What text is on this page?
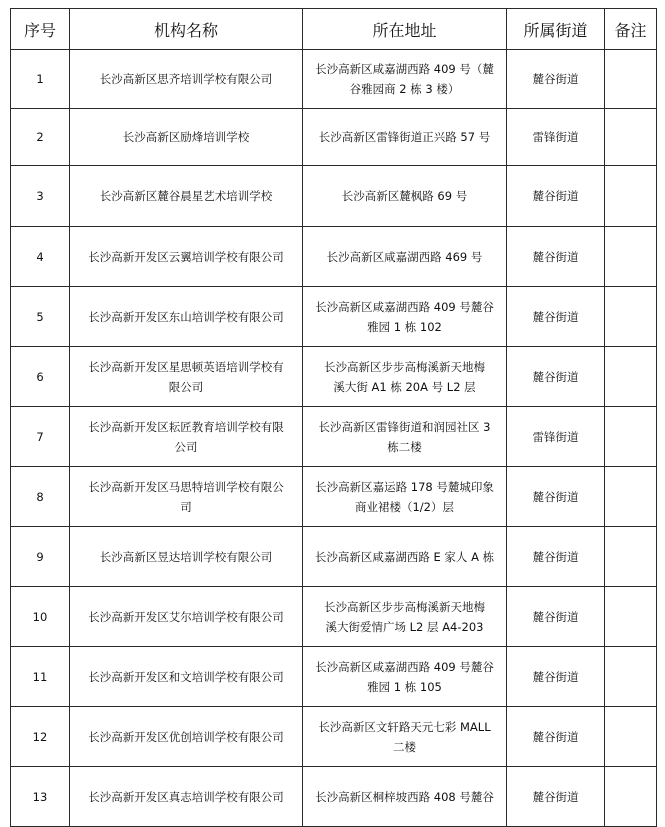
序号	机构名称	所在地址	所属街道	备注
1	长沙高新区思齐培训学校有限公司	长沙高新区咸嘉湖西路 409 号（麓
谷雅园商 2 栋 3 楼）	麓谷街道	
2	长沙高新区励烽培训学校	长沙高新区雷锋街道正兴路 57 号	雷锋街道	
3	长沙高新区麓谷晨星艺术培训学校	长沙高新区麓枫路 69 号	麓谷街道	
4	长沙高新开发区云翼培训学校有限公司	长沙高新区咸嘉湖西路 469 号	麓谷街道	
5	长沙高新开发区东山培训学校有限公司	长沙高新区咸嘉湖西路 409 号麓谷
雅园 1 栋 102	麓谷街道	
6	长沙高新开发区星思顿英语培训学校有
限公司	长沙高新区步步高梅溪新天地梅
溪大街 A1 栋 20A 号 L2 层	麓谷街道	
7	长沙高新开发区耘匠教育培训学校有限
公司	长沙高新区雷锋街道和润园社区 3
栋二楼	雷锋街道	
8	长沙高新开发区马思特培训学校有限公
司	长沙高新区嘉运路 178 号麓城印象
商业裙楼（1/2）层	麓谷街道	
9	长沙高新区昱达培训学校有限公司	长沙高新区咸嘉湖西路 E 家人 A 栋	麓谷街道	
10	长沙高新开发区艾尔培训学校有限公司	长沙高新区步步高梅溪新天地梅
溪大街爱情广场 L2 层 A4-203	麓谷街道	
11	长沙高新开发区和文培训学校有限公司	长沙高新区咸嘉湖西路 409 号麓谷
雅园 1 栋 105	麓谷街道	
12	长沙高新开发区优创培训学校有限公司	长沙高新区文轩路天元七彩 MALL
二楼	麓谷街道	
13	长沙高新开发区真志培训学校有限公司	长沙高新区桐梓坡西路 408 号麓谷	麓谷街道	
